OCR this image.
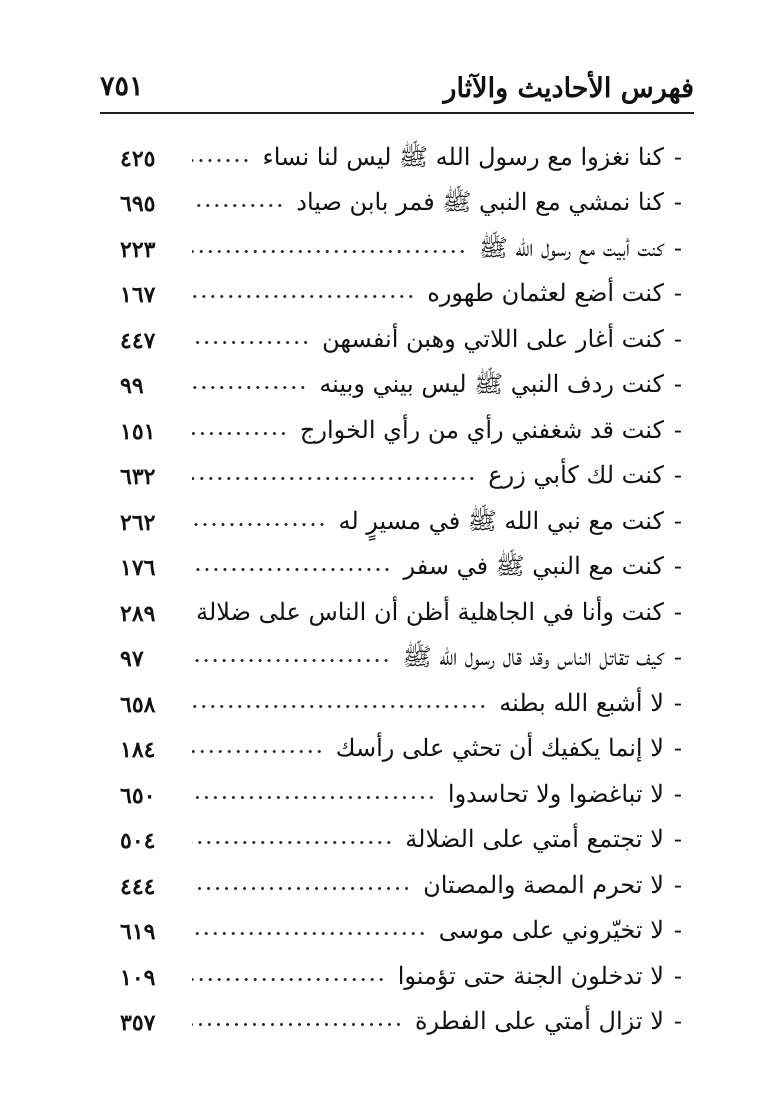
٧٥١	فهرس الأحاديث والآثار
-
كنا نغزوا مع رسول الله ﷺ ليس لنا نساء
٤٢٥
-
كنا نمشي مع النبي ﷺ فمر بابن صياد
٦٩٥
-
كنت أبيت مع رسول الله ﷺ
٢٢٣
-
كنت أضع لعثمان طهوره
١٦٧
-
كنت أغار على اللاتي وهبن أنفسهن
٤٤٧
-
كنت ردف النبي ﷺ ليس بيني وبينه
٩٩
-
كنت قد شغفني رأي من رأي الخوارج
١٥١
-
كنت لك كأبي زرع
٦٣٢
-
كنت مع نبي الله ﷺ في مسيرٍ له
٢٦٢
-
كنت مع النبي ﷺ في سفر
١٧٦
-
كنت وأنا في الجاهلية أظن أن الناس على ضلالة
٢٨٩
-
كيف تقاتل الناس وقد قال رسول الله ﷺ
٩٧
-
لا أشبع الله بطنه
٦٥٨
-
لا إنما يكفيك أن تحثي على رأسك
١٨٤
-
لا تباغضوا ولا تحاسدوا
٦٥٠
-
لا تجتمع أمتي على الضلالة
٥٠٤
-
لا تحرم المصة والمصتان
٤٤٤
-
لا تخيّروني على موسى
٦١٩
-
لا تدخلون الجنة حتى تؤمنوا
١٠٩
-
لا تزال أمتي على الفطرة
٣٥٧
